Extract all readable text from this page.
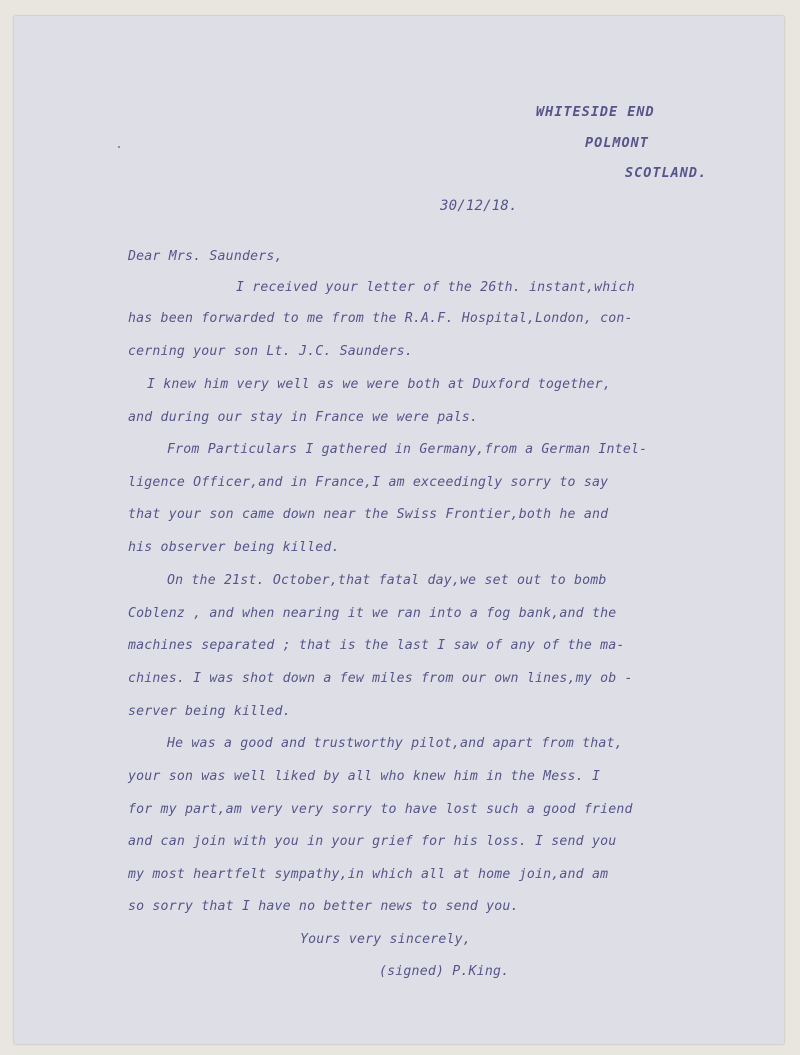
WHITESIDE END
POLMONT
SCOTLAND.
30/12/18.
Dear Mrs. Saunders,
I received your letter of the 26th. instant,which
has been forwarded to me from the R.A.F. Hospital,London, con-
cerning your son Lt. J.C. Saunders.
I knew him very well as we were both at Duxford together,
and during our stay in France we were pals.
From Particulars I gathered in Germany,from a German Intel-
ligence Officer,and in France,I am exceedingly sorry to say
that your son came down near the Swiss Frontier,both he and
his observer being killed.
On the 21st. October,that fatal day,we set out to bomb
Coblenz , and when nearing it we ran into a fog bank,and the
machines separated ; that is the last I saw of any of the ma-
chines. I was shot down a few miles from our own lines,my ob -
server being killed.
He was a good and trustworthy pilot,and apart from that,
your son was well liked by all who knew him in the Mess. I
for my part,am very very sorry to have lost such a good friend
and can join with you in your grief for his loss. I send you
my most heartfelt sympathy,in which all at home join,and am
so sorry that I have no better news to send you.
Yours very sincerely,
(signed) P.King.
